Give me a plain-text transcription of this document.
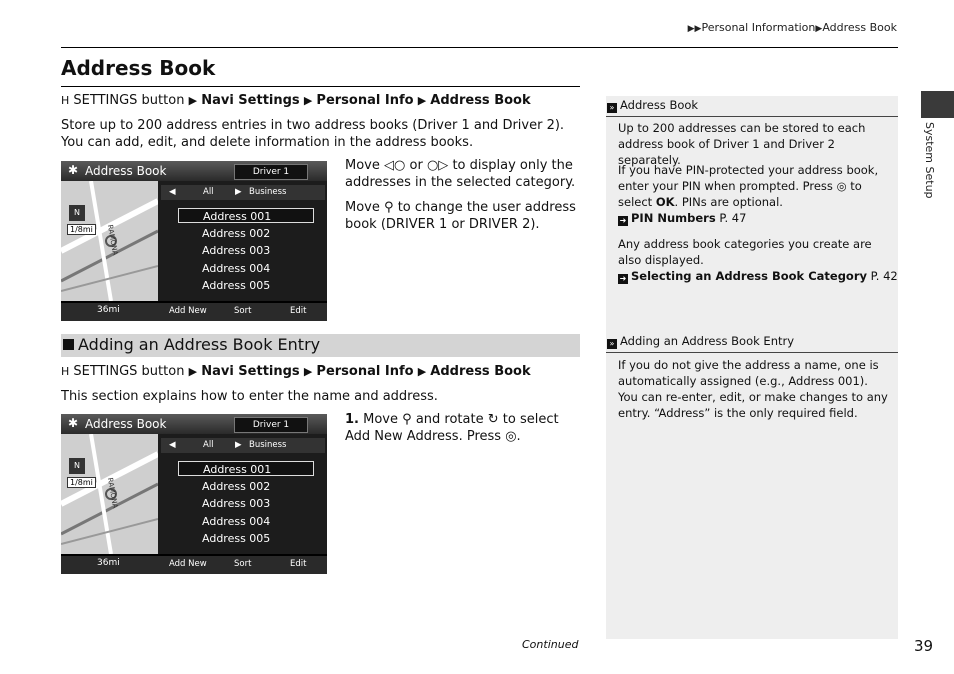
▶▶Personal Information▶Address Book
Address Book
H SETTINGS button ▶ Navi Settings ▶ Personal Info ▶ Address Book
Store up to 200 address entries in two address books (Driver 1 and Driver 2). You can add, edit, and delete information in the address books.
✱ Address Book	Driver 1
N
1/8mi	RAMONA
◀	All	▶ Business
Address 001
Address 002
Address 003
Address 004
Address 005
36mi	Add New	Sort	Edit
Move ◁○ or ○▷ to display only the addresses in the selected category.
Move ⚲ to change the user address book (DRIVER 1 or DRIVER 2).
Adding an Address Book Entry
H SETTINGS button ▶ Navi Settings ▶ Personal Info ▶ Address Book
This section explains how to enter the name and address.
✱ Address Book	Driver 1
N
1/8mi	RAMONA
◀	All	▶ Business
Address 001
Address 002
Address 003
Address 004
Address 005
36mi	Add New	Sort	Edit
1. Move ⚲ and rotate ↻ to select Add New Address. Press ◎.
» Address Book
Up to 200 addresses can be stored to each address book of Driver 1 and Driver 2 separately.
If you have PIN-protected your address book, enter your PIN when prompted. Press ◎ to select OK. PINs are optional.
➜ PIN Numbers P. 47
Any address book categories you create are also displayed.
➜ Selecting an Address Book Category P. 42
» Adding an Address Book Entry
If you do not give the address a name, one is automatically assigned (e.g., Address 001). You can re-enter, edit, or make changes to any entry. “Address” is the only required field.
System Setup
Continued	39
